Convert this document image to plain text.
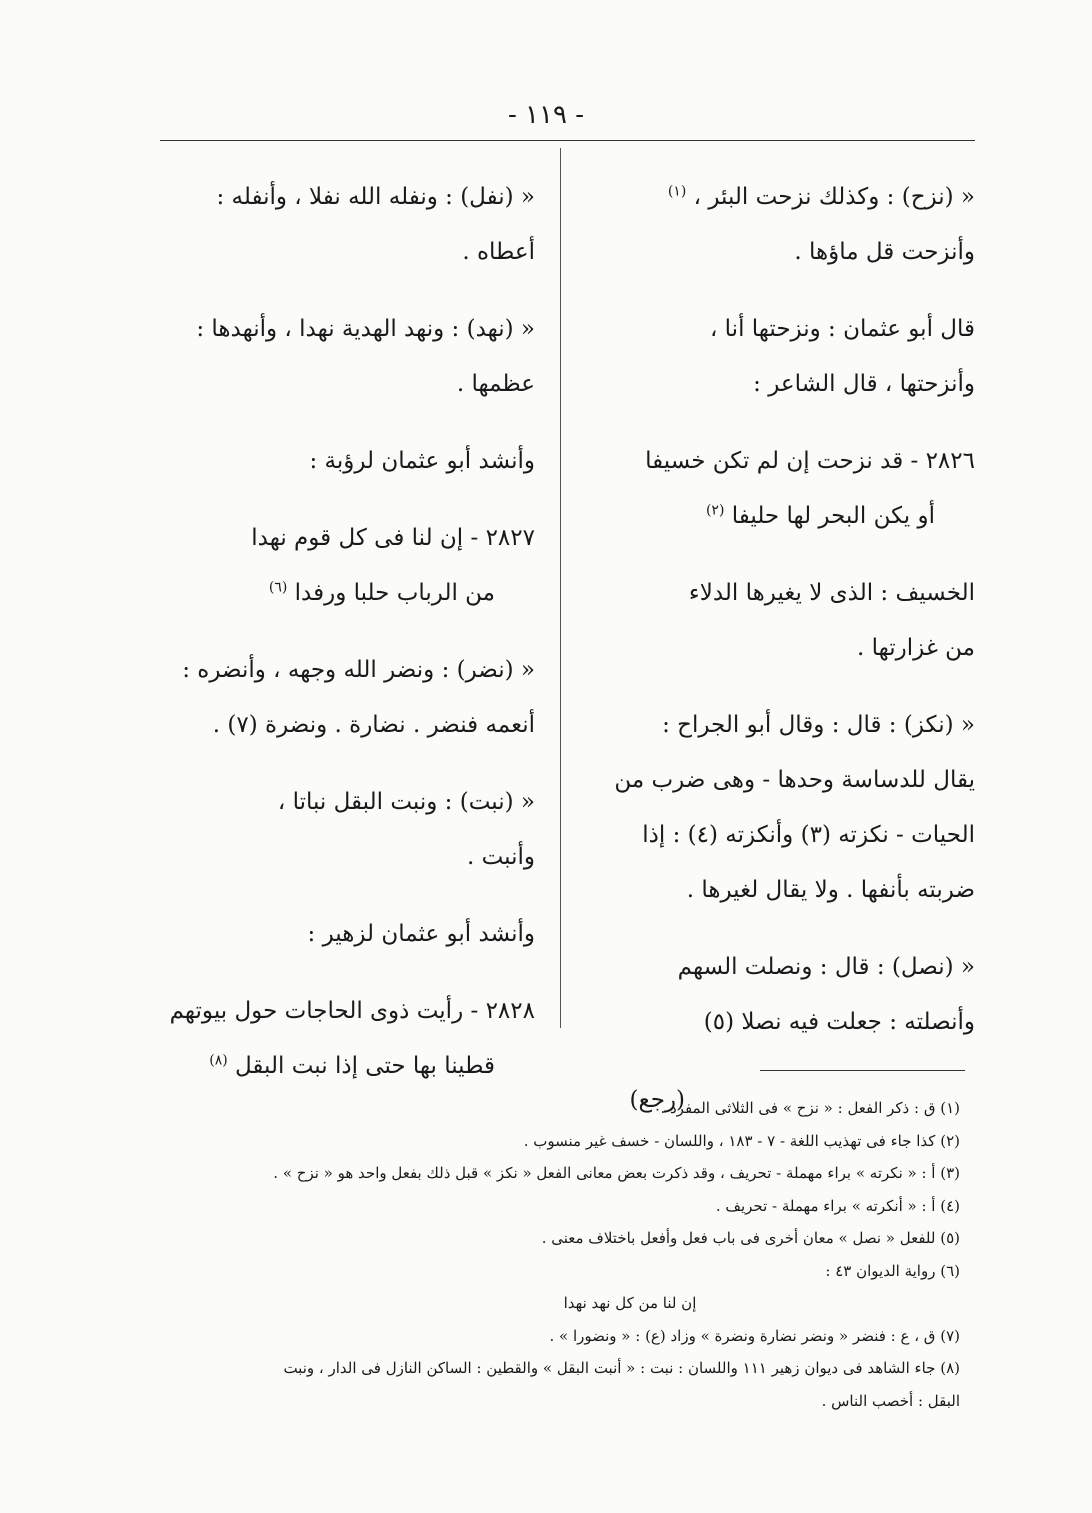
- ١١٩ -

« (نزح) : وكذلك نزحت البئر ، $^{(١)}$

وأنزحت قل ماؤها .

قال أبو عثمان : ونزحتها أنا ،

وأنزحتها ، قال الشاعر :

٢٨٢٦ - قد نزحت إن لم تكن خسيفا
أو يكن البحر لها حليفا $^{(٢)}$

الخسيف : الذى لا يغيرها الدلاء

من غزارتها .

« (نكز) : قال : وقال أبو الجراح :

يقال للدساسة وحدها - وهى ضرب من

الحيات - نكزته (٣) وأنكزته (٤) : إذا

ضربته بأنفها . ولا يقال لغيرها .

« (نصل) : قال : ونصلت السهم

وأنصلته : جعلت فيه نصلا (٥)

(رجع)

« (نفل) : ونفله الله نفلا ، وأنفله :

أعطاه .

« (نهد) : ونهد الهدية نهدا ، وأنهدها :

عظمها .

وأنشد أبو عثمان لرؤبة :

٢٨٢٧ - إن لنا فى كل قوم نهدا
من الرباب حلبا ورفدا $^{(٦)}$

« (نضر) : ونضر الله وجهه ، وأنضره :

أنعمه فنضر . نضارة . ونضرة (٧) .

« (نبت) : ونبت البقل نباتا ،

وأنبت .

وأنشد أبو عثمان لزهير :

٢٨٢٨ - رأيت ذوى الحاجات حول بيوتهم
قطينا بها حتى إذا نبت البقل $^{(٨)}$

(١) ق : ذكر الفعل : « نزح » فى الثلاثى المفرد .

(٢) كذا جاء فى تهذيب اللغة - ٧ - ١٨٣ ، واللسان - خسف غير منسوب .

(٣) أ : « نكرته » براء مهملة - تحريف ، وقد ذكرت بعض معانى الفعل « نكز » قبل ذلك بفعل واحد هو « نزح » .

(٤) أ : « أنكرته » براء مهملة - تحريف .

(٥) للفعل « نصل » معان أخرى فى باب فعل وأفعل باختلاف معنى .

(٦) رواية الديوان ٤٣ :

إن لنا من كل نهد نهدا

(٧) ق ، ع : فنضر « ونضر نضارة ونضرة » وزاد (ع) : « ونضورا » .

(٨) جاء الشاهد فى ديوان زهير ١١١ واللسان : نبت : « أنبت البقل » والقطين : الساكن النازل فى الدار ، ونبت

البقل : أخصب الناس .
